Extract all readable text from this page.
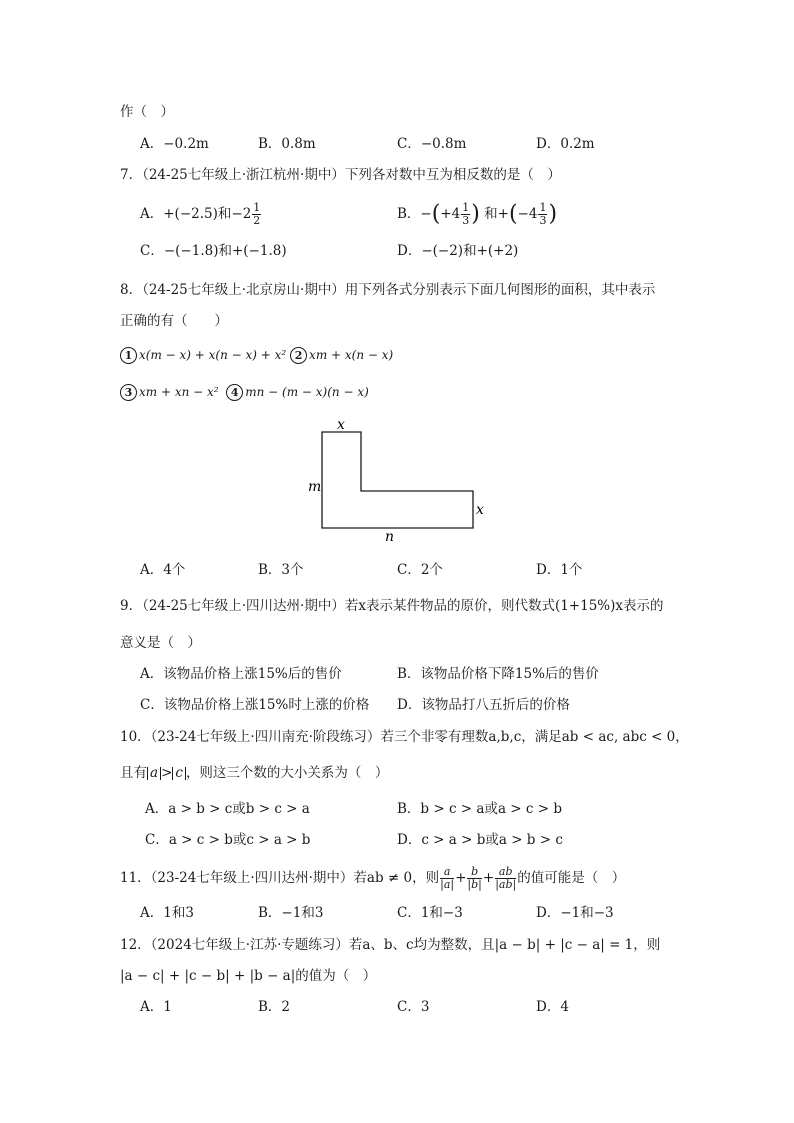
作（　）
A．−0.2m	B．0.8m	C．−0.8m	D．0.2m
7．（24-25七年级上·浙江杭州·期中）下列各对数中互为相反数的是（　）
A．+(−2.5)和$-2 \frac{1}{2}$	B．$-(+4 \frac{1}{3}$ ) 和$+(-4 \frac{1}{3}$ )
C．−(−1.8)和+(−1.8)	D．−(−2)和+(+2)
8．（24-25七年级上·北京房山·期中）用下列各式分别表示下面几何图形的面积，其中表示
正确的有（　　）
1 x(m − x) + x(n − x) + x² 2 xm + x(n − x)
3 xm + xn − x² 4 mn − (m − x)(n − x)
x
m
x
n
A．4个	B．3个	C．2个	D．1个
9．（24-25七年级上·四川达州·期中）若x表示某件物品的原价，则代数式(1+15%)x表示的
意义是（　）
A．该物品价格上涨15%后的售价	B．该物品价格下降15%后的售价
C．该物品价格上涨15%时上涨的价格 D．该物品打八五折后的价格
10．（23-24七年级上·四川南充·阶段练习）若三个非零有理数a,b,c，满足ab < ac, abc < 0，
且有 a > c ，则这三个数的大小关系为（　）
A．a > b > c或b > c > a	B．b > c > a或a > c > b
C．a > c > b或c > a > b	D．c > a > b或a > b > c
11．（23-24七年级上·四川达州·期中）若ab ≠ 0，则 $\frac{a}{|a|} + \frac{b}{|b|} + \frac{ab}{|ab|}$ 的值可能是（　）
A．1和3	B．−1和3	C．1和−3	D．−1和−3
12．（2024七年级上·江苏·专题练习）若a、b、c均为整数，且|a − b| + |c − a| = 1，则
|a − c| + |c − b| + |b − a|的值为（　）
A．1	B．2	C．3	D．4
